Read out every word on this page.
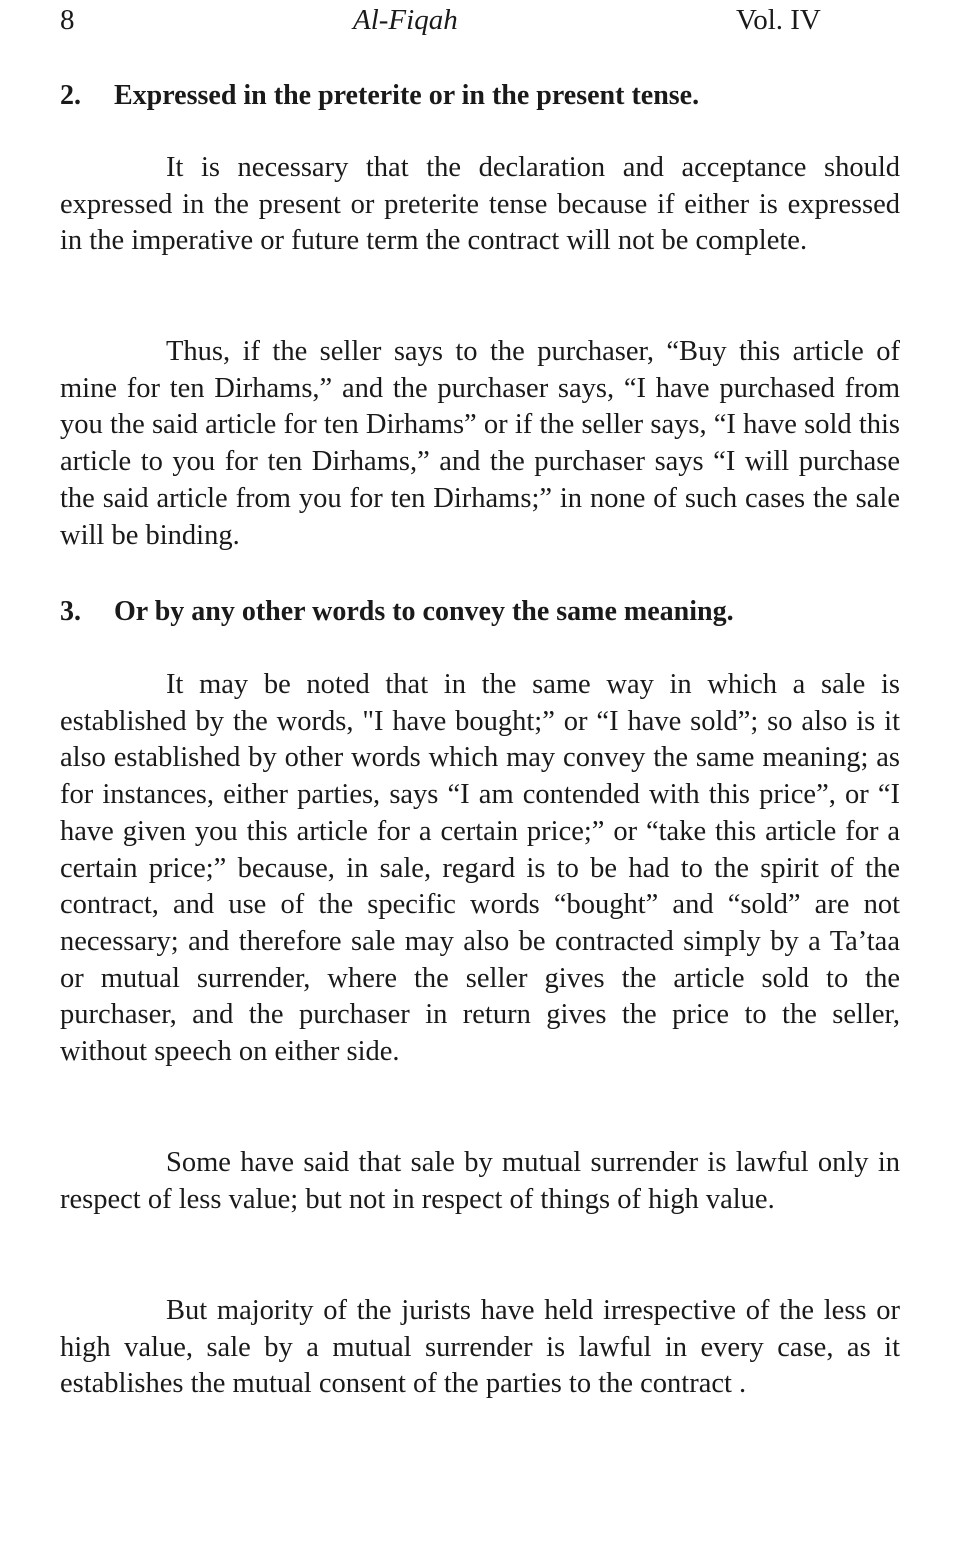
8	Al-Fiqah	Vol. IV
2. Expressed in the preterite or in the present tense.

It is necessary that the declaration and acceptance should expressed in the present or preterite tense because if either is expressed in the imperative or future term the contract will not be complete.

Thus, if the seller says to the purchaser, “Buy this article of mine for ten Dirhams,” and the purchaser says, “I have purchased from you the said article for ten Dirhams” or if the seller says, “I have sold this article to you for ten Dirhams,” and the purchaser says “I will purchase the said article from you for ten Dirhams;” in none of such cases the sale will be binding.

3. Or by any other words to convey the same meaning.

It may be noted that in the same way in which a sale is established by the words, "I have bought;” or “I have sold”; so also is it also established by other words which may convey the same meaning; as for instances, either parties, says “I am contended with this price”, or “I have given you this article for a certain price;” or “take this article for a certain price;” because, in sale, regard is to be had to the spirit of the contract, and use of the specific words “bought” and “sold” are not necessary; and therefore sale may also be contracted simply by a Ta’taa or mutual surrender, where the seller gives the article sold to the purchaser, and the purchaser in return gives the price to the seller, without speech on either side.

Some have said that sale by mutual surrender is lawful only in respect of less value; but not in respect of things of high value.

But majority of the jurists have held irrespective of the less or high value, sale by a mutual surrender is lawful in every case, as it establishes the mutual consent of the parties to the contract .
